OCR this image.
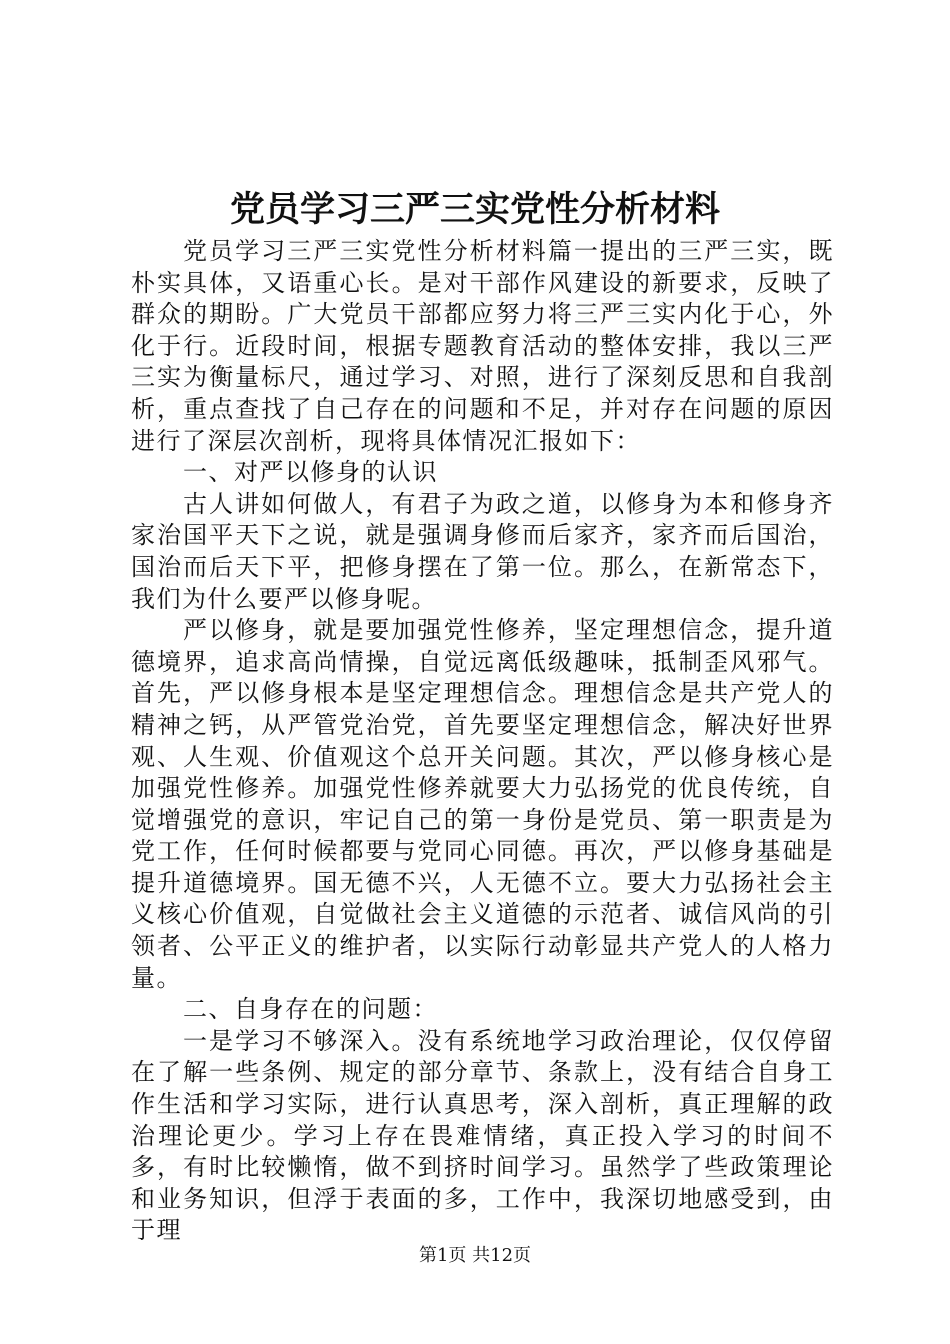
党员学习三严三实党性分析材料

党员学习三严三实党性分析材料篇一提出的三严三实，既朴实具体，又语重心长。是对干部作风建设的新要求，反映了群众的期盼。广大党员干部都应努力将三严三实内化于心，外化于行。近段时间，根据专题教育活动的整体安排，我以三严三实为衡量标尺，通过学习、对照，进行了深刻反思和自我剖析，重点查找了自己存在的问题和不足，并对存在问题的原因进行了深层次剖析，现将具体情况汇报如下：

一、对严以修身的认识

古人讲如何做人，有君子为政之道，以修身为本和修身齐家治国平天下之说，就是强调身修而后家齐，家齐而后国治，国治而后天下平，把修身摆在了第一位。那么，在新常态下，我们为什么要严以修身呢。

严以修身，就是要加强党性修养，坚定理想信念，提升道德境界，追求高尚情操，自觉远离低级趣味，抵制歪风邪气。首先，严以修身根本是坚定理想信念。理想信念是共产党人的精神之钙，从严管党治党，首先要坚定理想信念，解决好世界观、人生观、价值观这个总开关问题。其次，严以修身核心是加强党性修养。加强党性修养就要大力弘扬党的优良传统，自觉增强党的意识，牢记自己的第一身份是党员、第一职责是为党工作，任何时候都要与党同心同德。再次，严以修身基础是提升道德境界。国无德不兴，人无德不立。要大力弘扬社会主义核心价值观，自觉做社会主义道德的示范者、诚信风尚的引领者、公平正义的维护者，以实际行动彰显共产党人的人格力量。

二、自身存在的问题：

一是学习不够深入。没有系统地学习政治理论，仅仅停留在了解一些条例、规定的部分章节、条款上，没有结合自身工作生活和学习实际，进行认真思考，深入剖析，真正理解的政治理论更少。学习上存在畏难情绪，真正投入学习的时间不多，有时比较懒惰，做不到挤时间学习。虽然学了些政策理论和业务知识，但浮于表面的多，工作中，我深切地感受到，由于理

第1页 共12页
